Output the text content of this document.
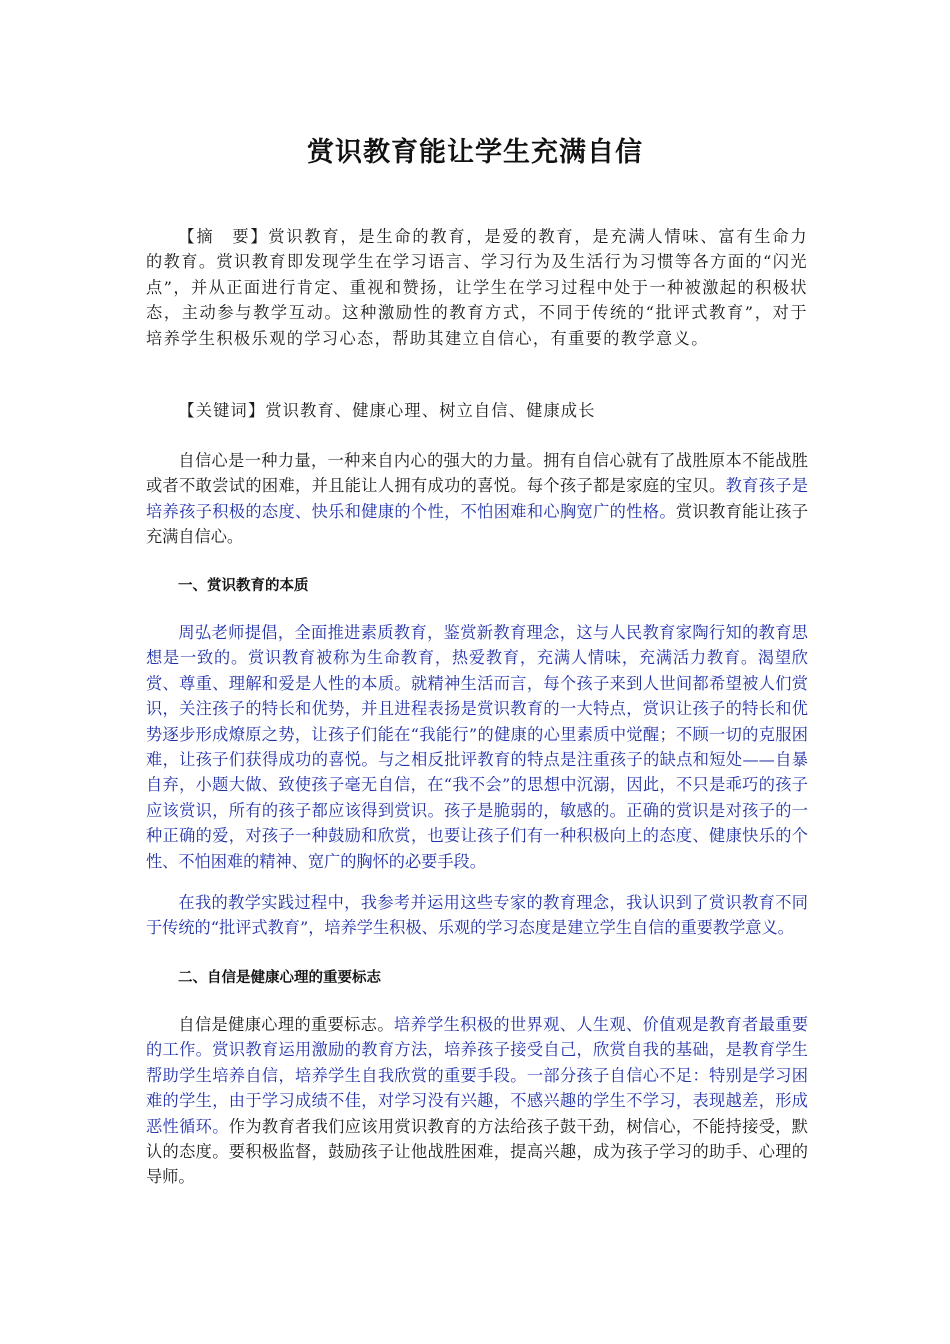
赏识教育能让学生充满自信

【摘　要】赏识教育，是生命的教育，是爱的教育，是充满人情味、富有生命力的教育。赏识教育即发现学生在学习语言、学习行为及生活行为习惯等各方面的“闪光点”，并从正面进行肯定、重视和赞扬，让学生在学习过程中处于一种被激起的积极状态，主动参与教学互动。这种激励性的教育方式，不同于传统的“批评式教育”，对于培养学生积极乐观的学习心态，帮助其建立自信心，有重要的教学意义。

【关键词】赏识教育、健康心理、树立自信、健康成长

自信心是一种力量，一种来自内心的强大的力量。拥有自信心就有了战胜原本不能战胜或者不敢尝试的困难，并且能让人拥有成功的喜悦。每个孩子都是家庭的宝贝。教育孩子是培养孩子积极的态度、快乐和健康的个性，不怕困难和心胸宽广的性格。赏识教育能让孩子充满自信心。

一、赏识教育的本质

周弘老师提倡，全面推进素质教育，鉴赏新教育理念，这与人民教育家陶行知的教育思想是一致的。赏识教育被称为生命教育，热爱教育，充满人情味，充满活力教育。渴望欣赏、尊重、理解和爱是人性的本质。就精神生活而言，每个孩子来到人世间都希望被人们赏识，关注孩子的特长和优势，并且进程表扬是赏识教育的一大特点，赏识让孩子的特长和优势逐步形成燎原之势，让孩子们能在“我能行”的健康的心里素质中觉醒；不顾一切的克服困难，让孩子们获得成功的喜悦。与之相反批评教育的特点是注重孩子的缺点和短处——自暴自弃，小题大做、致使孩子毫无自信，在“我不会”的思想中沉溺，因此，不只是乖巧的孩子应该赏识，所有的孩子都应该得到赏识。孩子是脆弱的，敏感的。正确的赏识是对孩子的一种正确的爱，对孩子一种鼓励和欣赏，也要让孩子们有一种积极向上的态度、健康快乐的个性、不怕困难的精神、宽广的胸怀的必要手段。

在我的教学实践过程中，我参考并运用这些专家的教育理念，我认识到了赏识教育不同于传统的“批评式教育”，培养学生积极、乐观的学习态度是建立学生自信的重要教学意义。

二、自信是健康心理的重要标志

自信是健康心理的重要标志。培养学生积极的世界观、人生观、价值观是教育者最重要的工作。赏识教育运用激励的教育方法，培养孩子接受自己，欣赏自我的基础，是教育学生帮助学生培养自信，培养学生自我欣赏的重要手段。一部分孩子自信心不足：特别是学习困难的学生，由于学习成绩不佳，对学习没有兴趣，不感兴趣的学生不学习，表现越差，形成恶性循环。作为教育者我们应该用赏识教育的方法给孩子鼓干劲，树信心，不能持接受，默认的态度。要积极监督，鼓励孩子让他战胜困难，提高兴趣，成为孩子学习的助手、心理的导师。
